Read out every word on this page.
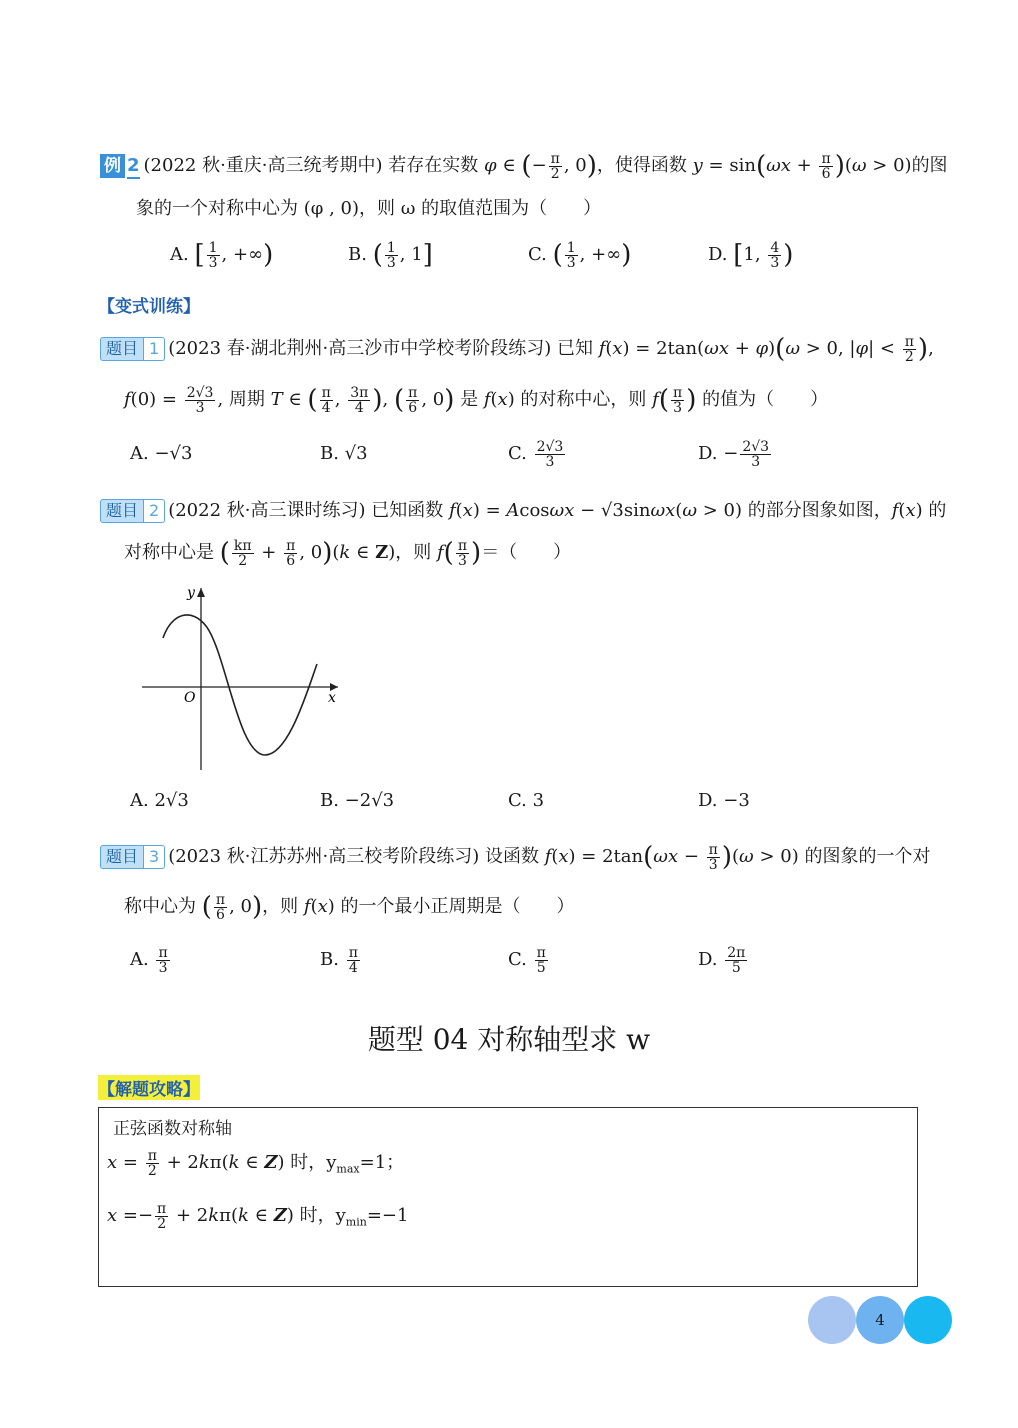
例 2 (2022 秋·重庆·高三统考期中) 若存在实数 φ ∈ (− $\frac{\pi}{2}$ , 0)，使得函数 $y = \sin(\omega x + \frac{\pi}{6} )(\omega > 0)$的图
象的一个对称中心为 (φ , 0)，则 ω 的取值范围为（　　）
A. [ $\frac{1}{3}$ , +∞)	B. ( $\frac{1}{3}$ , 1]	C. ( $\frac{1}{3}$ , +∞)	D. [1, $\frac{4}{3}$ )
【变式训练】
题目 1 (2023 春·湖北荆州·高三沙市中学校考阶段练习) 已知 f(x) = 2tan(ωx + φ)(ω > 0, $|\varphi| < \frac{\pi}{2}$ ),
$f(0) = \frac{2√3}{3}$ , 周期 T ∈ ( $\frac{\pi}{4}$ , $\frac{3\pi}{4}$ ), ( $\frac{\pi}{6}$ , 0) 是 f(x) 的对称中心，则 $f( \frac{\pi}{3}$ ) 的值为（　　）
A. −√3	B. √3	C. $\frac{2√3}{3}$	D. − $\frac{2√3}{3}$
题目 2 (2022 秋·高三课时练习) 已知函数 f(x) = Acosωx − √3sinωx(ω > 0) 的部分图象如图，f(x) 的
对称中心是 ( $\frac{k\pi}{2} + \frac{\pi}{6}$ , 0)(k ∈ Z)，则 $f( \frac{\pi}{3}$ )＝（　　）
y
x
O
A. 2√3	B. −2√3	C. 3	D. −3
题目 3 (2023 秋·江苏苏州·高三校考阶段练习) 设函数 $f(x) = 2\tan(\omega x - \frac{\pi}{3} )(\omega > 0)$ 的图象的一个对
称中心为 ( $\frac{\pi}{6}$ , 0)，则 f(x) 的一个最小正周期是（　　）
A. $\frac{\pi}{3}$	B. $\frac{\pi}{4}$	C. $\frac{\pi}{5}$	D. $\frac{2\pi}{5}$
题型 04 对称轴型求 w
【解题攻略】
正弦函数对称轴
$x = \frac{\pi}{2} + 2k\pi(k$ ∈ Z) 时，$y_{max}=1$；
$x =- \frac{\pi}{2} + 2k\pi(k$ ∈ Z) 时，$y_{min}=-1$
4
